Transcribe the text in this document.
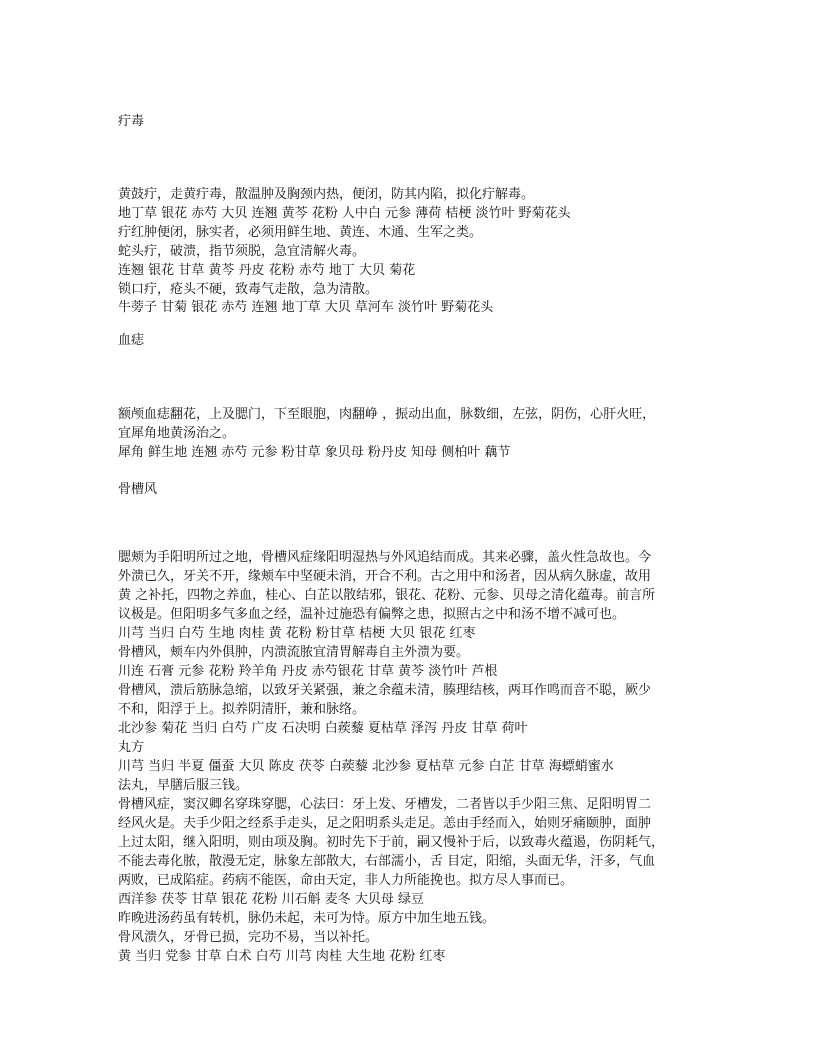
疔毒
黄鼓疔，走黄疔毒，散温肿及胸颈内热，便闭，防其内陷，拟化疔解毒。
地丁草 银花 赤芍 大贝 连翘 黄芩 花粉 人中白 元参 薄荷 桔梗 淡竹叶 野菊花头
疔红肿便闭，脉实者，必须用鲜生地、黄连、木通、生军之类。
蛇头疔，破溃，指节须脱，急宜清解火毒。
连翘 银花 甘草 黄芩 丹皮 花粉 赤芍 地丁 大贝 菊花
锁口疔，疮头不硬，致毒气走散，急为清散。
牛蒡子 甘菊 银花 赤芍 连翘 地丁草 大贝 草河车 淡竹叶 野菊花头
血痣
额颅血痣翻花，上及腮门，下至眼胞，肉翻峥 ，振动出血，脉数细，左弦，阴伤，心肝火旺，
宜犀角地黄汤治之。
犀角 鲜生地 连翘 赤芍 元参 粉甘草 象贝母 粉丹皮 知母 侧柏叶 藕节
骨槽风
腮颊为手阳明所过之地，骨槽风症缘阳明湿热与外风追结而成。其来必骤，盖火性急故也。今
外溃已久，牙关不开，缘颊车中坚硬未消，开合不利。古之用中和汤者，因从病久脉虚，故用
黄 之补托，四物之养血，桂心、白芷以散结邪，银花、花粉、元参、贝母之清化蕴毒。前言所
议极是。但阳明多气多血之经，温补过施恐有偏弊之患，拟照古之中和汤不增不减可也。
川芎 当归 白芍 生地 肉桂 黄 花粉 粉甘草 桔梗 大贝 银花 红枣
骨槽风，颊车内外俱肿，内溃流脓宜清胃解毒自主外溃为要。
川连 石膏 元参 花粉 羚羊角 丹皮 赤芍银花 甘草 黄芩 淡竹叶 芦根
骨槽风，溃后筋脉急缩，以致牙关紧强，兼之余蕴未清，腠理结核，两耳作鸣而音不聪，厥少
不和，阳浮于上。拟养阴清肝，兼和脉络。
北沙参 菊花 当归 白芍 广皮 石决明 白蒺藜 夏枯草 泽泻 丹皮 甘草 荷叶
丸方
川芎 当归 半夏 僵蚕 大贝 陈皮 茯苓 白蒺藜 北沙参 夏枯草 元参 白芷 甘草 海螵蛸蜜水
法丸，早膳后服三钱。
骨槽风症，窦汉卿名穿珠穿腮，心法曰：牙上发、牙槽发，二者皆以手少阳三焦、足阳明胃二
经风火是。夫手少阳之经系手走头，足之阳明系头走足。恙由手经而入，始则牙痛颐肿，面肿
上过太阳，继入阳明，则由项及胸。初时先下于前，嗣又慢补于后，以致毒火蕴遏，伤阴耗气，
不能去毒化脓，散漫无定，脉象左部散大，右部濡小，舌 目定，阳缩，头面无华，汗多，气血
两败，已成陷症。药病不能医，命由天定，非人力所能挽也。拟方尽人事而已。
西洋参 茯苓 甘草 银花 花粉 川石斛 麦冬 大贝母 绿豆
昨晚进汤药虽有转机，脉仍未起，未可为恃。原方中加生地五钱。
骨风溃久，牙骨已损，完功不易，当以补托。
黄 当归 党参 甘草 白术 白芍 川芎 肉桂 大生地 花粉 红枣
